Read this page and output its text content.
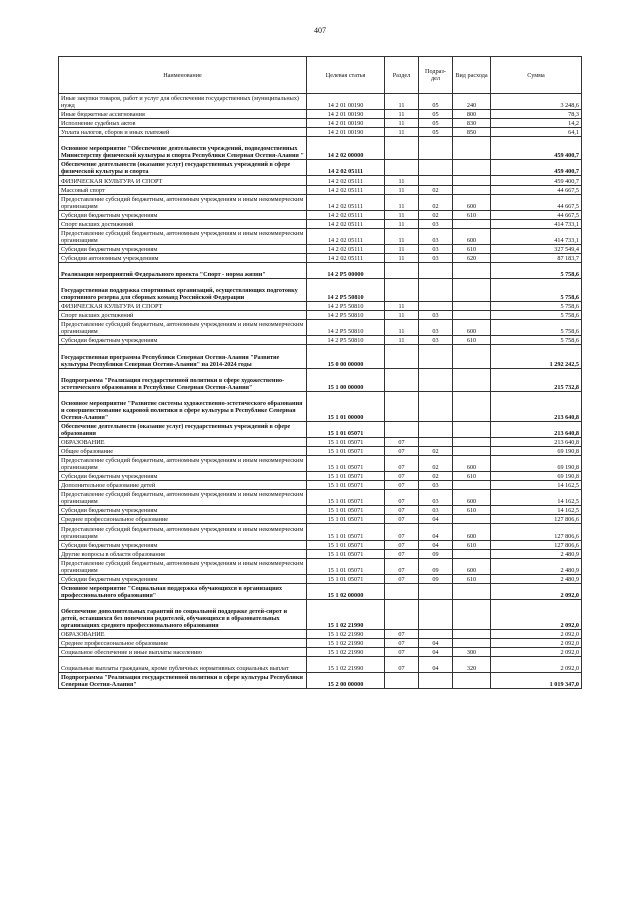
407
Наименование	Целевая статья	Раздел	Подраз-дел	Вид расхода	Сумма
Иные закупки товаров, работ и услуг для обеспечения государственных (муниципальных) нужд	14 2 01 00190	11	05	240	3 248,6
Иные бюджетные ассигнования	14 2 01 00190	11	05	800	78,3
Исполнение судебных актов	14 2 01 00190	11	05	830	14,2
Уплата налогов, сборов и иных платежей	14 2 01 00190	11	05	850	64,1
Основное мероприятие "Обеспечение деятельности учреждений, подведомственных Министерству физической культуры и спорта Республики Северная Осетия-Алания "	14 2 02 00000				459 400,7
Обеспечение деятельности (оказание услуг) государственных учреждений в сфере физической культуры и спорта	14 2 02 05111				459 400,7
ФИЗИЧЕСКАЯ КУЛЬТУРА И СПОРТ	14 2 02 05111	11			459 400,7
Массовый спорт	14 2 02 05111	11	02		44 667,5
Предоставление субсидий бюджетным, автономным учреждениям и иным некоммерческим организациям	14 2 02 05111	11	02	600	44 667,5
Субсидии бюджетным учреждениям	14 2 02 05111	11	02	610	44 667,5
Спорт высших достижений	14 2 02 05111	11	03		414 733,1
Предоставление субсидий бюджетным, автономным учреждениям и иным некоммерческим организациям	14 2 02 05111	11	03	600	414 733,1
Субсидии бюджетным учреждениям	14 2 02 05111	11	03	610	327 549,4
Субсидии автономным учреждениям	14 2 02 05111	11	03	620	87 183,7
Реализация мероприятий Федерального проекта "Спорт - норма жизни"	14 2 P5 00000				5 758,6
Государственная поддержка спортивных организаций, осуществляющих подготовку спортивного резерва для сборных команд Российской Федерации	14 2 P5 50810				5 758,6
ФИЗИЧЕСКАЯ КУЛЬТУРА И СПОРТ	14 2 P5 50810	11			5 758,6
Спорт высших достижений	14 2 P5 50810	11	03		5 758,6
Предоставление субсидий бюджетным, автономным учреждениям и иным некоммерческим организациям	14 2 P5 50810	11	03	600	5 758,6
Субсидии бюджетным учреждениям	14 2 P5 50810	11	03	610	5 758,6
Государственная программа Республики Северная Осетия-Алания "Развитие культуры Республики Северная Осетия-Алания" на 2014-2024 годы	15 0 00 00000				1 292 242,5
Подпрограмма "Реализация государственной политики в сфере художественно-эстетического образования в Республике Северная Осетия-Алания"	15 1 00 00000				215 732,8
Основное мероприятие "Развитие системы художественно-эстетического образования и совершенствование кадровой политики в сфере культуры в Республике Северная Осетия-Алания"	15 1 01 00000				213 640,8
Обеспечение деятельности (оказание услуг) государственных учреждений в сфере образования	15 1 01 05071				213 640,8
ОБРАЗОВАНИЕ	15 1 01 05071	07			213 640,8
Общее образование	15 1 01 05071	07	02		69 190,8
Предоставление субсидий бюджетным, автономным учреждениям и иным некоммерческим организациям	15 1 01 05071	07	02	600	69 190,8
Субсидии бюджетным учреждениям	15 1 01 05071	07	02	610	69 190,8
Дополнительное образование детей	15 1 01 05071	07	03		14 162,5
Предоставление субсидий бюджетным, автономным учреждениям и иным некоммерческим организациям	15 1 01 05071	07	03	600	14 162,5
Субсидии бюджетным учреждениям	15 1 01 05071	07	03	610	14 162,5
Среднее профессиональное образование	15 1 01 05071	07	04		127 806,6
Предоставление субсидий бюджетным, автономным учреждениям и иным некоммерческим организациям	15 1 01 05071	07	04	600	127 806,6
Субсидии бюджетным учреждениям	15 1 01 05071	07	04	610	127 806,6
Другие вопросы в области образования	15 1 01 05071	07	09		2 480,9
Предоставление субсидий бюджетным, автономным учреждениям и иным некоммерческим организациям	15 1 01 05071	07	09	600	2 480,9
Субсидии бюджетным учреждениям	15 1 01 05071	07	09	610	2 480,9
Основное мероприятие "Социальная поддержка обучающихся в организациях профессионального образования"	15 1 02 00000				2 092,0
Обеспечение дополнительных гарантий по социальной поддержке детей-сирот и детей, оставшихся без попечения родителей, обучающихся в образовательных организациях среднего профессионального образования	15 1 02 21990				2 092,0
ОБРАЗОВАНИЕ	15 1 02 21990	07			2 092,0
Среднее профессиональное образование	15 1 02 21990	07	04		2 092,0
Социальное обеспечение и иные выплаты населению	15 1 02 21990	07	04	300	2 092,0
Социальные выплаты гражданам, кроме публичных нормативных социальных выплат	15 1 02 21990	07	04	320	2 092,0
Подпрограмма "Реализация государственной политики в сфере культуры Республики Северная Осетия-Алания"	15 2 00 00000				1 019 347,0
